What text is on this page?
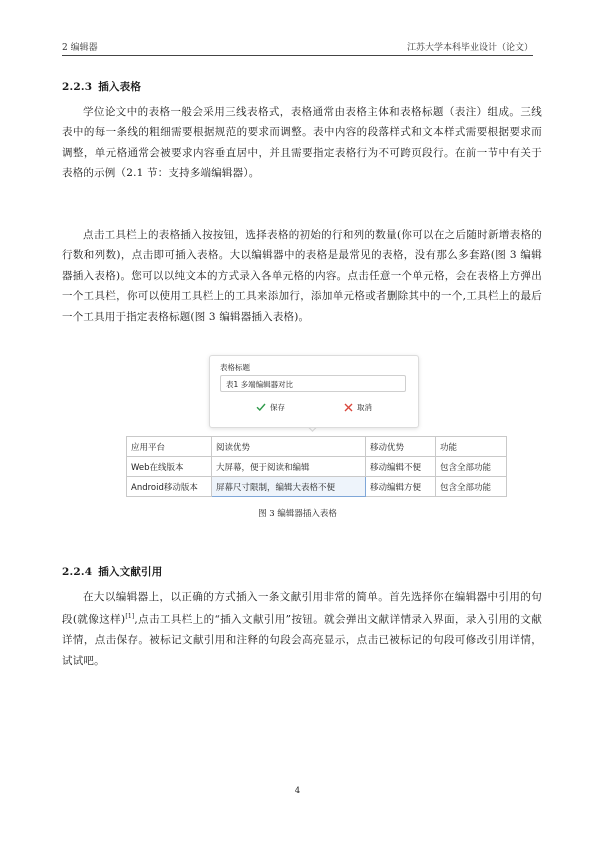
2 编辑器	江苏大学本科毕业设计（论文）
2.2.3 插入表格

学位论文中的表格一般会采用三线表格式，表格通常由表格主体和表格标题（表注）组成。三线表中的每一条线的粗细需要根据规范的要求而调整。表中内容的段落样式和文本样式需要根据要求而调整，单元格通常会被要求内容垂直居中，并且需要指定表格行为不可跨页段行。在前一节中有关于表格的示例（2.1 节：支持多端编辑器）。

点击工具栏上的表格插入按按钮，选择表格的初始的行和列的数量(你可以在之后随时新增表格的行数和列数)，点击即可插入表格。大以编辑器中的表格是最常见的表格，没有那么多套路(图 3 编辑器插入表格)。您可以以纯文本的方式录入各单元格的内容。点击任意一个单元格，会在表格上方弹出一个工具栏，你可以使用工具栏上的工具来添加行，添加单元格或者删除其中的一个,工具栏上的最后一个工具用于指定表格标题(图 3 编辑器插入表格)。

表格标题
表1 多端编辑器对比
保存	取消
应用平台	阅读优势	移动优势	功能
Web在线版本	大屏幕，便于阅读和编辑	移动编辑不便	包含全部功能
Android移动版本	屏幕尺寸限制，编辑大表格不便	移动编辑方便	包含全部功能
图 3 编辑器插入表格
2.2.4 插入文献引用

在大以编辑器上，以正确的方式插入一条文献引用非常的简单。首先选择你在编辑器中引用的句段(就像这样)[1],点击工具栏上的“插入文献引用”按钮。就会弹出文献详情录入界面，录入引用的文献详情，点击保存。被标记文献引用和注释的句段会高亮显示，点击已被标记的句段可修改引用详情，试试吧。

4
